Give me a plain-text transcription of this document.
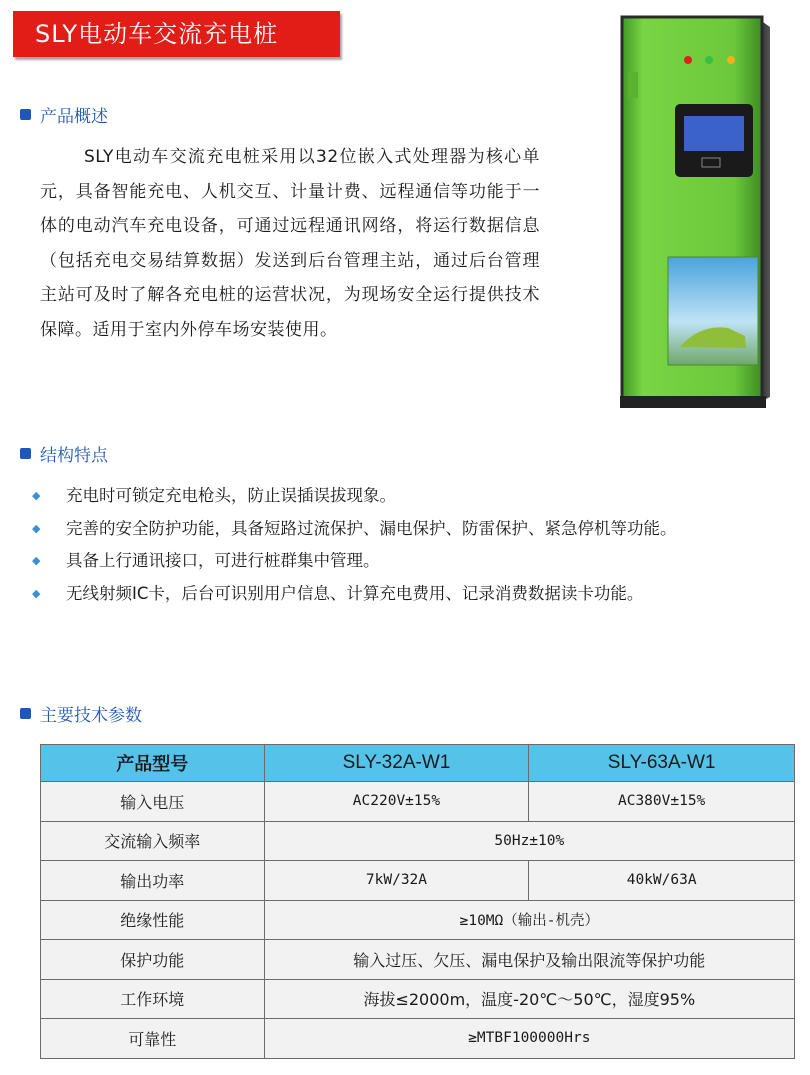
SLY电动车交流充电桩
产品概述
SLY电动车交流充电桩采用以32位嵌入式处理器为核心单元，具备智能充电、人机交互、计量计费、远程通信等功能于一体的电动汽车充电设备，可通过远程通讯网络，将运行数据信息（包括充电交易结算数据）发送到后台管理主站，通过后台管理主站可及时了解各充电桩的运营状况，为现场安全运行提供技术保障。适用于室内外停车场安装使用。
结构特点
◆ 充电时可锁定充电枪头，防止误插误拔现象。
◆ 完善的安全防护功能，具备短路过流保护、漏电保护、防雷保护、紧急停机等功能。
◆ 具备上行通讯接口，可进行桩群集中管理。
◆ 无线射频IC卡，后台可识别用户信息、计算充电费用、记录消费数据读卡功能。
主要技术参数
产品型号	SLY-32A-W1	SLY-63A-W1
输入电压	AC220V±15%	AC380V±15%
交流输入频率	50Hz±10%	
输出功率	7kW/32A	40kW/63A
绝缘性能	≥10MΩ（输出-机壳）	
保护功能	输入过压、欠压、漏电保护及输出限流等保护功能	
工作环境	海拔≤2000m，温度-20℃～50℃，湿度95%	
可靠性	≥MTBF100000Hrs	
